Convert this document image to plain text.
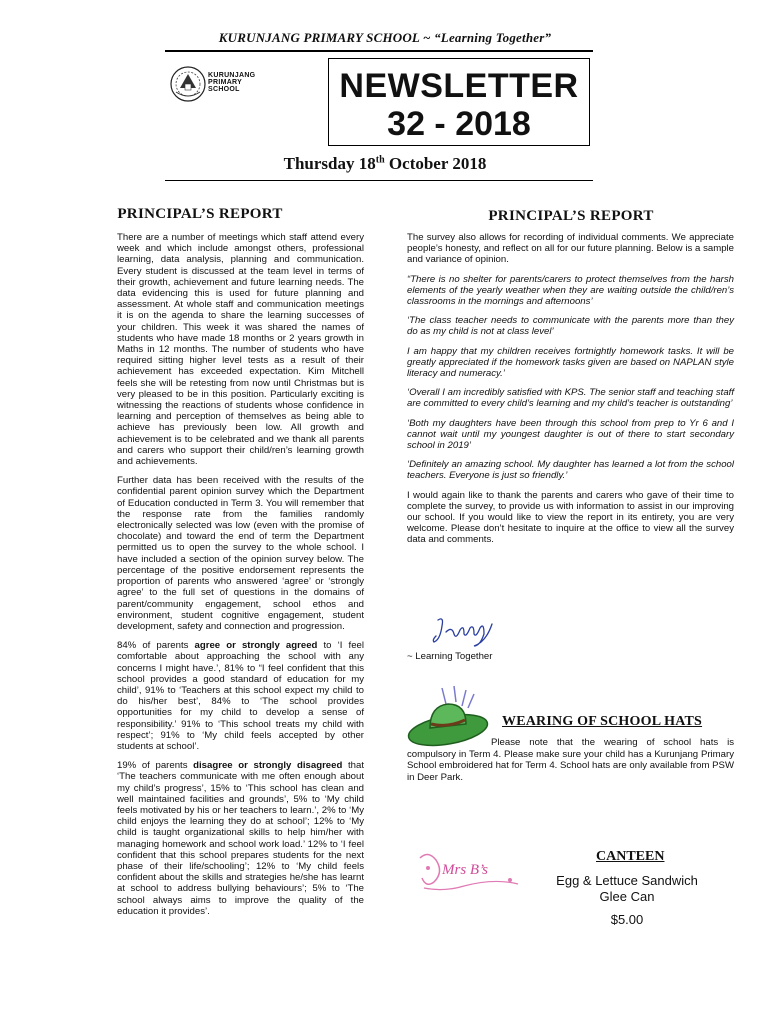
KURUNJANG PRIMARY SCHOOL ~ “Learning Together”
KURUNJANG
PRIMARY
SCHOOL	NEWSLETTER
32 - 2018
Thursday 18th October 2018
PRINCIPAL’S REPORT

There are a number of meetings which staff attend every week and which include amongst others, professional learning, data analysis, planning and communication. Every student is discussed at the team level in terms of their growth, achievement and future learning needs. The data evidencing this is used for future planning and assessment. At whole staff and communication meetings it is on the agenda to share the learning successes of your children. This week it was shared the names of students who have made 18 months or 2 years growth in Maths in 12 months. The number of students who have required sitting higher level tests as a result of their achievement has exceeded expectation. Kim Mitchell feels she will be retesting from now until Christmas but is very pleased to be in this position. Particularly exciting is witnessing the reactions of students whose confidence in learning and perception of themselves as being able to achieve has previously been low. All growth and achievement is to be celebrated and we thank all parents and carers who support their child/ren’s learning growth and achievements.

Further data has been received with the results of the confidential parent opinion survey which the Department of Education conducted in Term 3. You will remember that the response rate from the families randomly electronically selected was low (even with the promise of chocolate) and toward the end of term the Department permitted us to open the survey to the whole school. I have included a section of the opinion survey below. The percentage of the positive endorsement represents the proportion of parents who answered ‘agree’ or ‘strongly agree’ to the full set of questions in the domains of parent/community engagement, school ethos and environment, student cognitive engagement, student development, safety and connection and progression.

84% of parents agree or strongly agreed to ‘I feel comfortable about approaching the school with any concerns I might have.’, 81% to “I feel confident that this school provides a good standard of education for my child’, 91% to ‘Teachers at this school expect my child to do his/her best’, 84% to ‘The school provides opportunities for my child to develop a sense of responsibility.’ 91% to ‘This school treats my child with respect’; 91% to ‘My child feels accepted by other students at school’.

19% of parents disagree or strongly disagreed that ‘The teachers communicate with me often enough about my child’s progress’, 15% to ‘This school has clean and well maintained facilities and grounds’, 5% to ‘My child feels motivated by his or her teachers to learn.’, 2% to ‘My child enjoys the learning they do at school’; 12% to ‘My child is taught organizational skills to help him/her with managing homework and school work load.’ 12% to ‘I feel confident that this school prepares students for the next phase of their life/schooling’; 12% to ‘My child feels confident about the skills and strategies he/she has learnt at school to address bullying behaviours’; 5% to ‘The school always aims to improve the quality of the education it provides’.

PRINCIPAL’S REPORT

The survey also allows for recording of individual comments. We appreciate people’s honesty, and reflect on all for our future planning. Below is a sample and variance of opinion.

“There is no shelter for parents/carers to protect themselves from the harsh elements of the yearly weather when they are waiting outside the child/ren’s classrooms in the mornings and afternoons’

‘The class teacher needs to communicate with the parents more than they do as my child is not at class level’

I am happy that my children receives fortnightly homework tasks. It will be greatly appreciated if the homework tasks given are based on NAPLAN style literacy and numeracy.’

‘Overall I am incredibly satisfied with KPS. The senior staff and teaching staff are committed to every child’s learning and my child’s teacher is outstanding’

‘Both my daughters have been through this school from prep to Yr 6 and I cannot wait until my youngest daughter is out of there to start secondary school in 2019’

‘Definitely an amazing school. My daughter has learned a lot from the school teachers. Everyone is just so friendly.’

I would again like to thank the parents and carers who gave of their time to complete the survey, to provide us with information to assist in our improving our school. If you would like to view the report in its entirety, you are very welcome. Please don’t hesitate to inquire at the office to view all the survey data and comments.

~ Learning Together
WEARING OF SCHOOL HATS
Please note that the wearing of school hats is compulsory in Term 4. Please make sure your child has a Kurunjang Primary School embroidered hat for Term 4. School hats are only available from PSW in Deer Park.
Mrs B’s
CANTEEN
Egg & Lettuce Sandwich
Glee Can
$5.00
